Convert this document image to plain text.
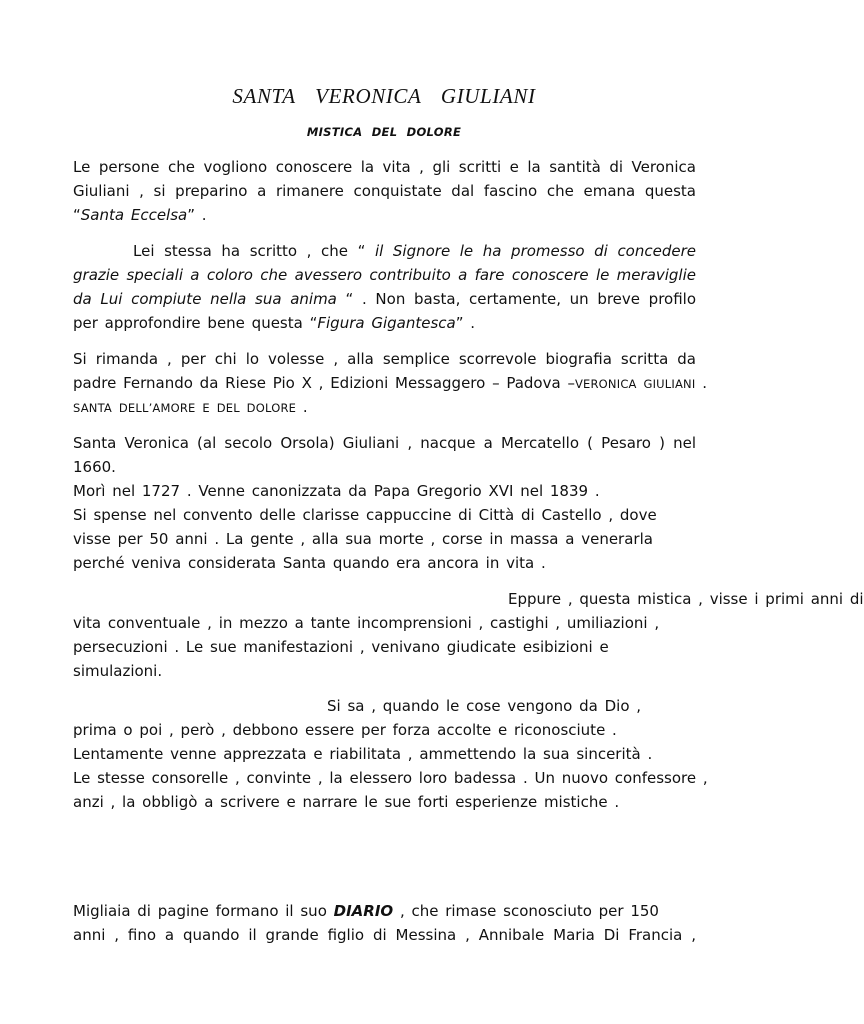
SANTA VERONICA GIULIANI
MISTICA DEL DOLORE
Le persone che vogliono conoscere la vita , gli scritti e la santità di Veronica
Giuliani , si preparino a rimanere conquistate dal fascino che emana questa
“Santa Eccelsa” .
Lei stessa ha scritto , che “ il Signore le ha promesso di concedere
grazie speciali a coloro che avessero contribuito a fare conoscere le meraviglie
da Lui compiute nella sua anima “ . Non basta, certamente, un breve profilo
per approfondire bene questa “Figura Gigantesca” .
Si rimanda , per chi lo volesse , alla semplice scorrevole biografia scritta da
padre Fernando da Riese Pio X , Edizioni Messaggero – Padova –VERONICA GIULIANI .
SANTA DELL’AMORE E DEL DOLORE .
Santa Veronica (al secolo Orsola) Giuliani , nacque a Mercatello ( Pesaro ) nel
1660.
Morì nel 1727 . Venne canonizzata da Papa Gregorio XVI nel 1839 .
Si spense nel convento delle clarisse cappuccine di Città di Castello , dove
visse per 50 anni . La gente , alla sua morte , corse in massa a venerarla
perché veniva considerata Santa quando era ancora in vita .
Eppure , questa mistica , visse i primi anni di
vita conventuale , in mezzo a tante incomprensioni , castighi , umiliazioni ,
persecuzioni . Le sue manifestazioni , venivano giudicate esibizioni e
simulazioni.
Si sa , quando le cose vengono da Dio ,
prima o poi , però , debbono essere per forza accolte e riconosciute .
Lentamente venne apprezzata e riabilitata , ammettendo la sua sincerità .
Le stesse consorelle , convinte , la elessero loro badessa . Un nuovo confessore ,
anzi , la obbligò a scrivere e narrare le sue forti esperienze mistiche .
Migliaia di pagine formano il suo DIARIO , che rimase sconosciuto per 150
anni , fino a quando il grande figlio di Messina , Annibale Maria Di Francia ,
